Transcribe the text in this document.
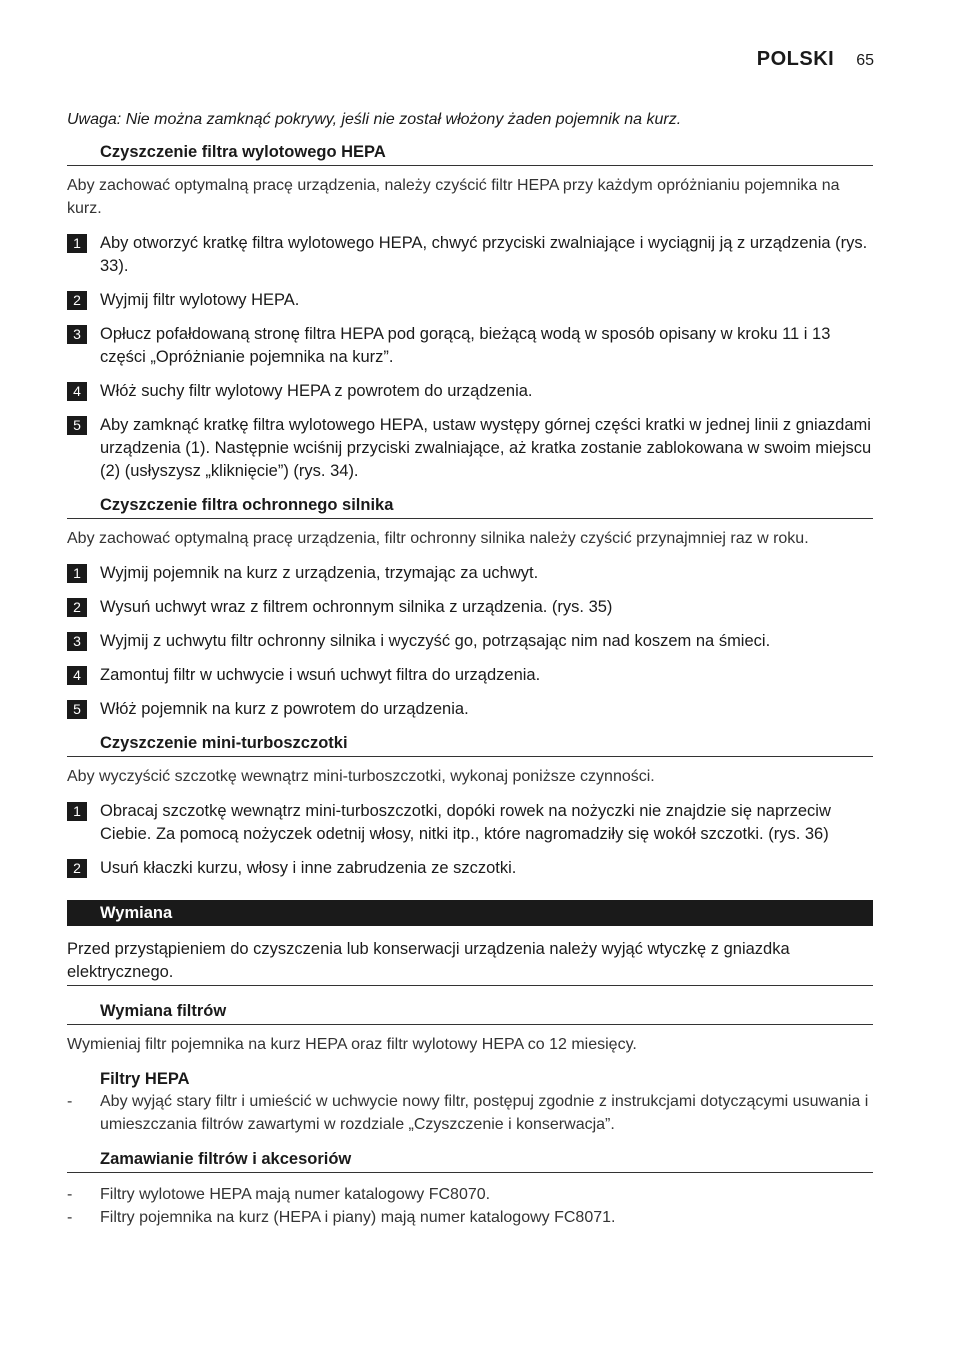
POLSKI 65

Uwaga: Nie można zamknąć pokrywy, jeśli nie został włożony żaden pojemnik na kurz.

Czyszczenie filtra wylotowego HEPA

Aby zachować optymalną pracę urządzenia, należy czyścić filtr HEPA przy każdym opróżnianiu pojemnika na kurz.

1	Aby otworzyć kratkę filtra wylotowego HEPA, chwyć przyciski zwalniające i wyciągnij ją z urządzenia (rys. 33).
2	Wyjmij filtr wylotowy HEPA.
3	Opłucz pofałdowaną stronę filtra HEPA pod gorącą, bieżącą wodą w sposób opisany w kroku 11 i 13 części „Opróżnianie pojemnika na kurz”.
4	Włóż suchy filtr wylotowy HEPA z powrotem do urządzenia.
5	Aby zamknąć kratkę filtra wylotowego HEPA, ustaw występy górnej części kratki w jednej linii z gniazdami urządzenia (1). Następnie wciśnij przyciski zwalniające, aż kratka zostanie zablokowana w swoim miejscu (2) (usłyszysz „kliknięcie”) (rys. 34).
Czyszczenie filtra ochronnego silnika

Aby zachować optymalną pracę urządzenia, filtr ochronny silnika należy czyścić przynajmniej raz w roku.

1	Wyjmij pojemnik na kurz z urządzenia, trzymając za uchwyt.
2	Wysuń uchwyt wraz z filtrem ochronnym silnika z urządzenia. (rys. 35)
3	Wyjmij z uchwytu filtr ochronny silnika i wyczyść go, potrząsając nim nad koszem na śmieci.
4	Zamontuj filtr w uchwycie i wsuń uchwyt filtra do urządzenia.
5	Włóż pojemnik na kurz z powrotem do urządzenia.
Czyszczenie mini-turboszczotki

Aby wyczyścić szczotkę wewnątrz mini-turboszczotki, wykonaj poniższe czynności.

1	Obracaj szczotkę wewnątrz mini-turboszczotki, dopóki rowek na nożyczki nie znajdzie się naprzeciw Ciebie. Za pomocą nożyczek odetnij włosy, nitki itp., które nagromadziły się wokół szczotki. (rys. 36)
2	Usuń kłaczki kurzu, włosy i inne zabrudzenia ze szczotki.
Wymiana

Przed przystąpieniem do czyszczenia lub konserwacji urządzenia należy wyjąć wtyczkę z gniazdka elektrycznego.

Wymiana filtrów

Wymieniaj filtr pojemnika na kurz HEPA oraz filtr wylotowy HEPA co 12 miesięcy.

Filtry HEPA
-	Aby wyjąć stary filtr i umieścić w uchwycie nowy filtr, postępuj zgodnie z instrukcjami dotyczącymi usuwania i umieszczania filtrów zawartymi w rozdziale „Czyszczenie i konserwacja”.
Zamawianie filtrów i akcesoriów
-	Filtry wylotowe HEPA mają numer katalogowy FC8070.
-	Filtry pojemnika na kurz (HEPA i piany) mają numer katalogowy FC8071.
